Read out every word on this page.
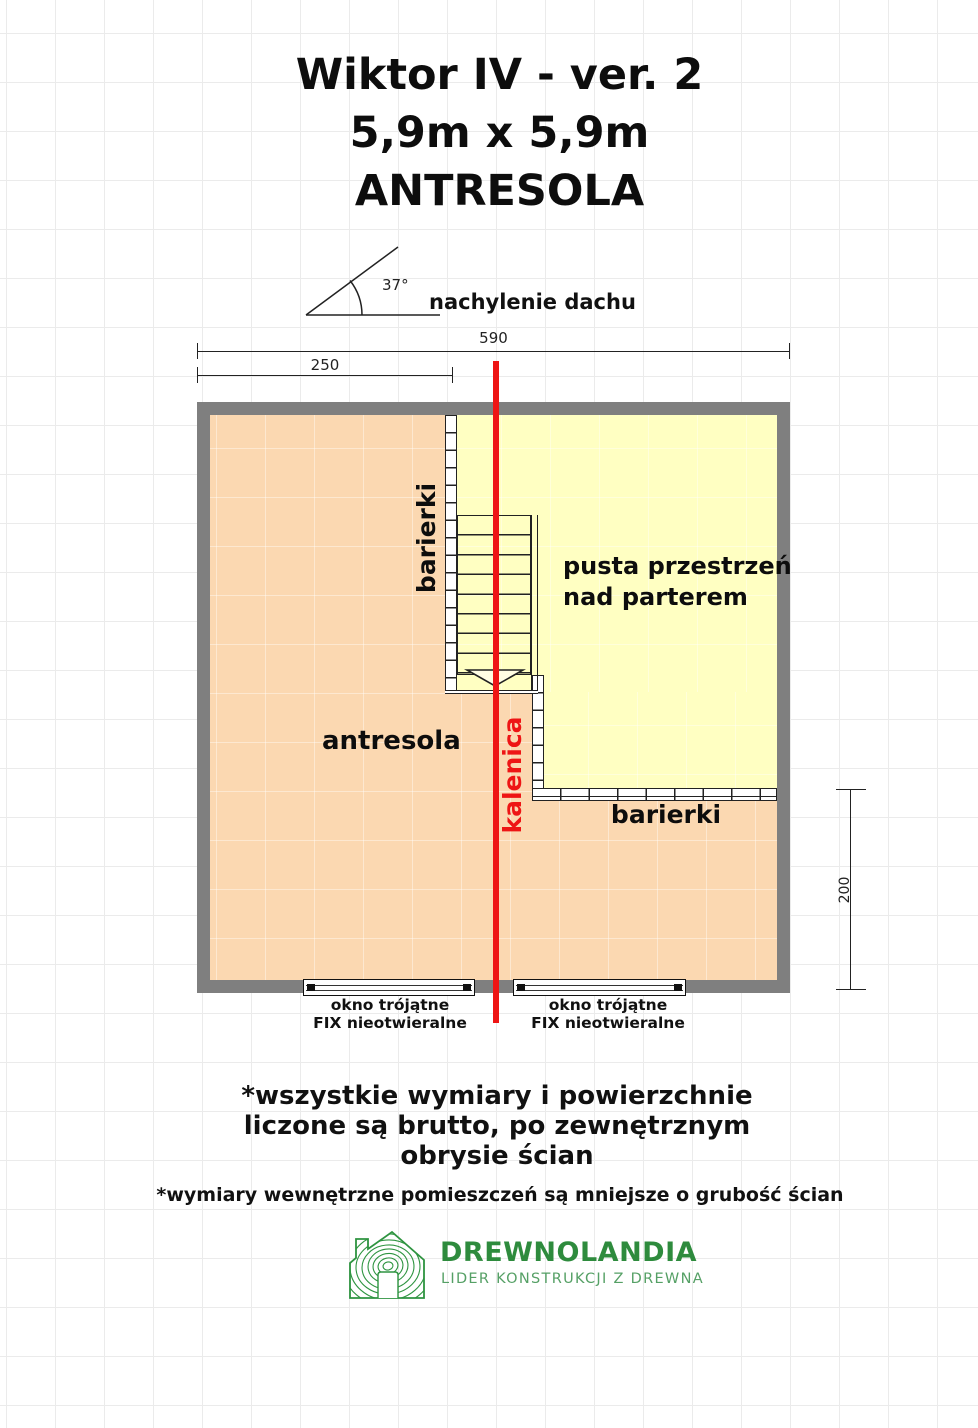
Wiktor IV - ver. 2
5,9m x 5,9m
ANTRESOLA
37°
nachylenie dachu
590
250
200
barierki	pusta przestrzeń
nad parterem
antresola kalenica	barierki
okno trójątne
FIX nieotwieralne
okno trójątne
FIX nieotwieralne
*wszystkie wymiary i powierzchnie
liczone są brutto, po zewnętrznym
obrysie ścian
*wymiary wewnętrzne pomieszczeń są mniejsze o grubość ścian
DREWNOLANDIA
LIDER KONSTRUKCJI Z DREWNA
